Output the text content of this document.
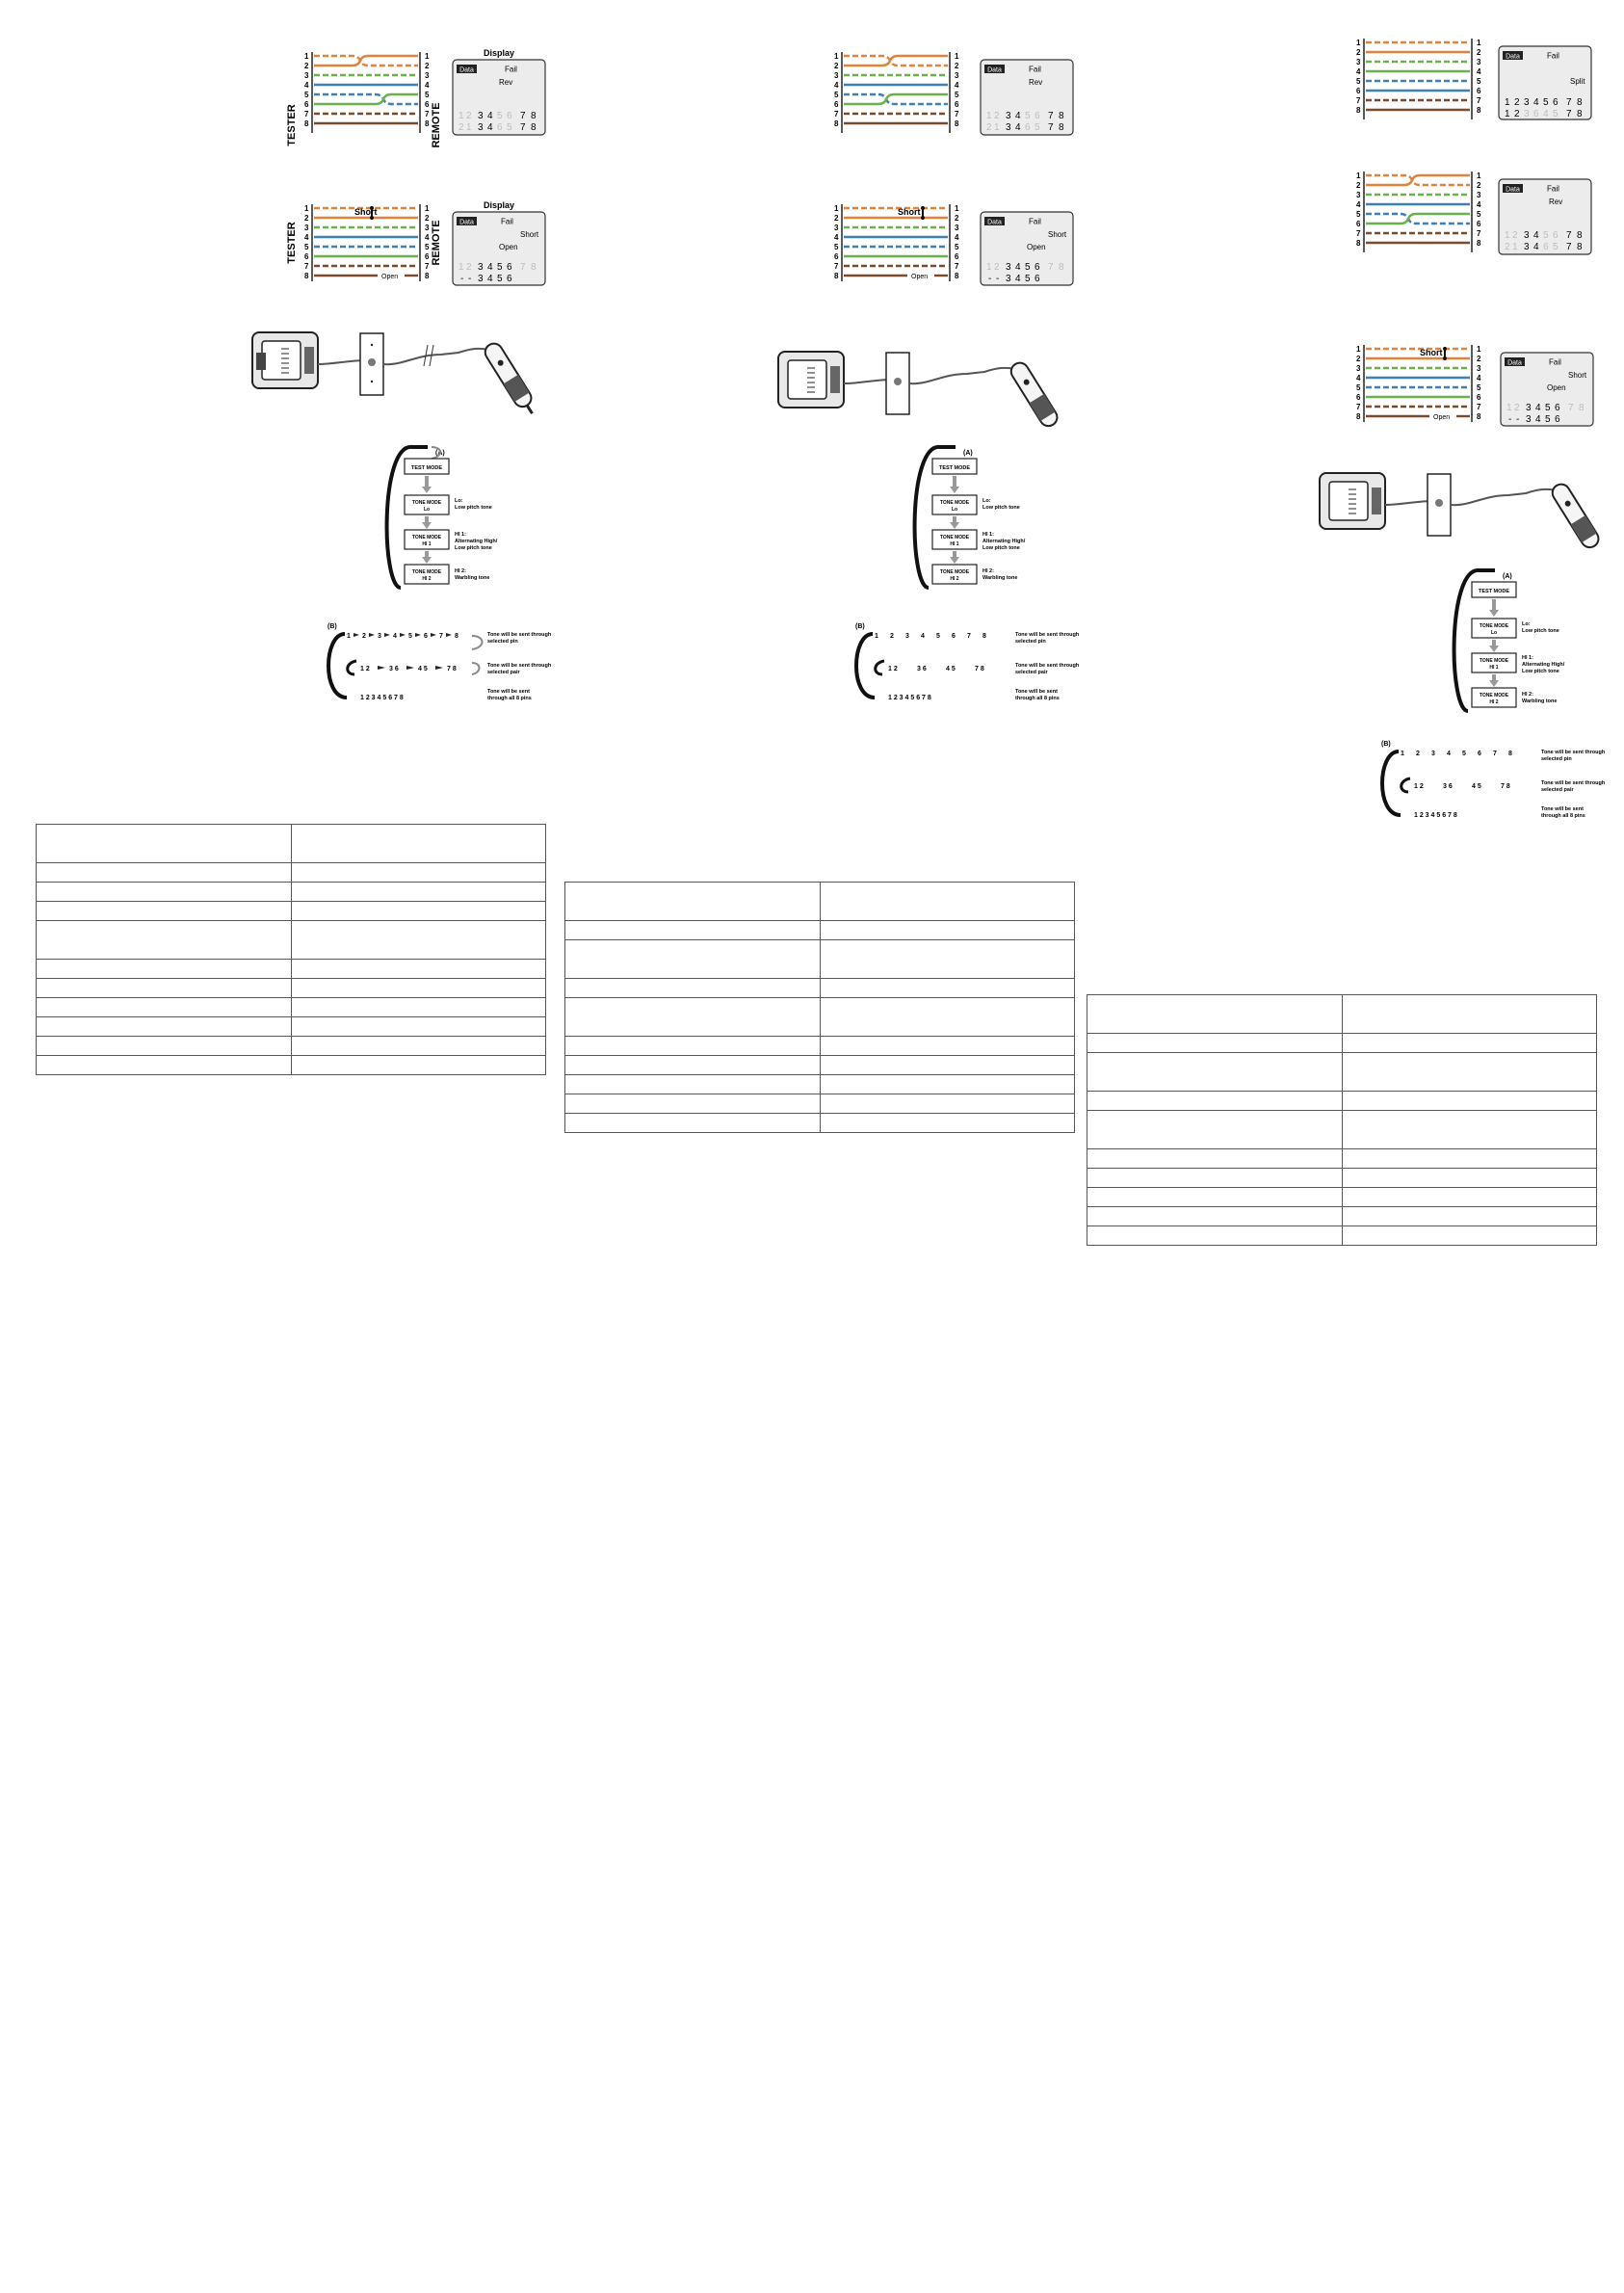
TESTER	REMOTE
1
2
3
4
5
6
7
8
1
2
3
4
5
6
7
8
Display
Data	Fail
Rev
1 2 3 4 5 6 7 8
2 1 3 4 6 5 7 8
TESTER	REMOTE
1
2
3
4
5
6
7
8
1
2
3
4
5
6
7
8
Short
Open
Display
Data	Fail
Short
Open
1 2 3 4 5 6 7 8
- - 3 4 5 6
(A)
TEST MODE
TONE MODE
Lo
Lo:
Low pitch tone
TONE MODE
HI 1
HI 1:
Alternating High/
Low pitch tone
TONE MODE
HI 2
HI 2:
Warbling tone
(B)
1 2 3 4 5 6 7 8
1 2	3 6	4 5	7 8
1 2 3 4 5 6 7 8
Tone will be sent through
selected pin
Tone will be sent through
selected pair
Tone will be sent
through all 8 pins

1
2
3
4
5
6
7
8
1
2
3
4
5
6
7
8
Data	Fail
Rev
1 2 3 4 5 6 7 8
2 1 3 4 6 5 7 8
1
2
3
4
5
6
7
8
1
2
3
4
5
6
7
8
Short
Open
Data	Fail
Short
Open
1 2 3 4 5 6 7 8
- - 3 4 5 6
(A)
TEST MODE
TONE MODE
Lo
Lo:
Low pitch tone
TONE MODE
HI 1
HI 1:
Alternating High/
Low pitch tone
TONE MODE
HI 2
HI 2:
Warbling tone
(B)
1 2 3 4 5 6 7 8
1 2	3 6	4 5	7 8
1 2 3 4 5 6 7 8
Tone will be sent through
selected pin
Tone will be sent through
selected pair
Tone will be sent
through all 8 pins

1
2
3
4
5
6
7
8
1
2
3
4
5
6
7
8
Data	Fail
Split
1 2 3 4 5 6 7 8
1 2 3 6 4 5 7 8
1
2
3
4
5
6
7
8
1
2
3
4
5
6
7
8
Data	Fail
Rev
1 2 3 4 5 6 7 8
2 1 3 4 6 5 7 8
1
2
3
4
5
6
7
8
1
2
3
4
5
6
7
8
Short
Open
Data	Fail
Short
Open
1 2 3 4 5 6 7 8
- - 3 4 5 6
(A)
TEST MODE
TONE MODE
Lo
Lo:
Low pitch tone
TONE MODE
HI 1
HI 1:
Alternating High/
Low pitch tone
TONE MODE
HI 2
HI 2:
Warbling tone
(B)
1 2 3 4 5 6 7 8
1 2	3 6	4 5	7 8
1 2 3 4 5 6 7 8
Tone will be sent through
selected pin
Tone will be sent through
selected pair
Tone will be sent
through all 8 pins
